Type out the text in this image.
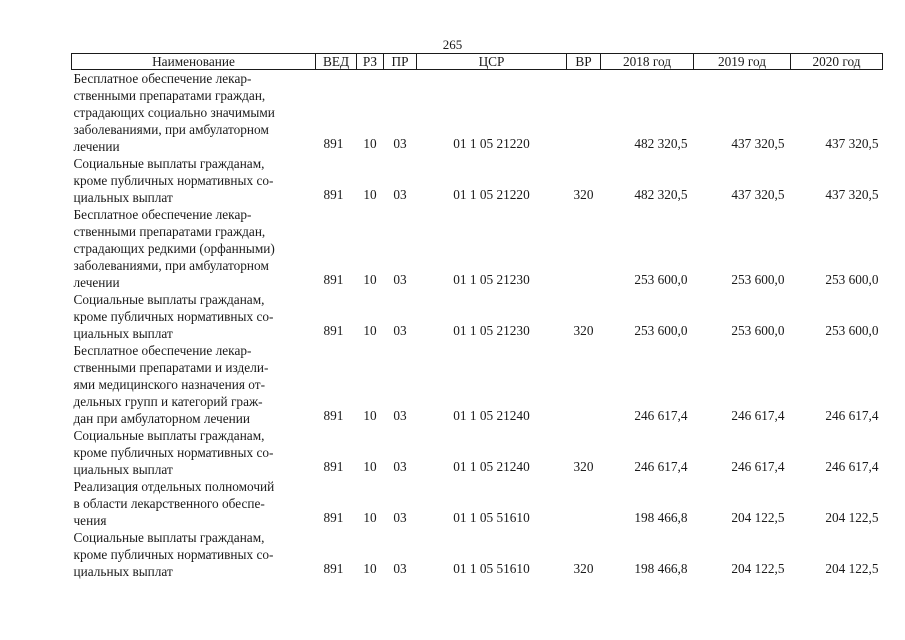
265
Наименование	ВЕД	РЗ	ПР	ЦСР	ВР	2018 год	2019 год	2020 год

Бесплатное обеспечение лекар-
ственными препаратами граждан,
страдающих социально значимыми
заболеваниями, при амбулаторном
лечении	891	10	03	01 1 05 21220		482 320,5	437 320,5	437 320,5

Социальные выплаты гражданам,
кроме публичных нормативных со-
циальных выплат	891	10	03	01 1 05 21220	320	482 320,5	437 320,5	437 320,5

Бесплатное обеспечение лекар-
ственными препаратами граждан,
страдающих редкими (орфанными)
заболеваниями, при амбулаторном
лечении	891	10	03	01 1 05 21230		253 600,0	253 600,0	253 600,0

Социальные выплаты гражданам,
кроме публичных нормативных со-
циальных выплат	891	10	03	01 1 05 21230	320	253 600,0	253 600,0	253 600,0

Бесплатное обеспечение лекар-
ственными препаратами и издели-
ями медицинского назначения от-
дельных групп и категорий граж-
дан при амбулаторном лечении	891	10	03	01 1 05 21240		246 617,4	246 617,4	246 617,4

Социальные выплаты гражданам,
кроме публичных нормативных со-
циальных выплат	891	10	03	01 1 05 21240	320	246 617,4	246 617,4	246 617,4

Реализация отдельных полномочий
в области лекарственного обеспе-
чения	891	10	03	01 1 05 51610		198 466,8	204 122,5	204 122,5

Социальные выплаты гражданам,
кроме публичных нормативных со-
циальных выплат	891	10	03	01 1 05 51610	320	198 466,8	204 122,5	204 122,5
